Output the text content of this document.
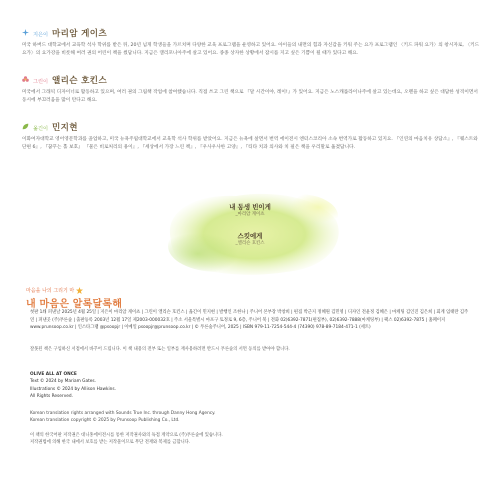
지은이 마리암 게이츠
미국 하버드 대학교에서 교육학 석사 학위를 받은 뒤, 20년 넘게 학생들을 가르치며 다양한 교육 프로그램을 운영하고 있어요. 아이들의 내면의 힘과 자신감을 키워 주는 요가 프로그램인 〈키드 파워 요가〉의 창시자로, 〈키드 요가〉의 요가강을 비롯해 여러 권의 어린이 책을 썼답니다. 지금은 캘리포니아주에 살고 있어요. 종종 상자한 상황에서 잠시를 지고 싶은 기쁨이 될 때가 있다고 해요.
그린이 앨리슨 호킨스
미국에서 그래픽 디자이너로 활동하고 있으며, 여러 권의 그림책 작업에 참여했습니다. 직접 쓰고 그린 책으로 『달 시간이야, 레이!』가 있어요. 지금은 노스캐롤라이나주에 살고 있는데요, 오렌을 하고 싶은 대담한 성격이면서 동시에 부끄러움을 많이 탄다고 해요.
옮긴이 민지현
이화여자대학교 영어영문학과를 졸업하고, 미국 뉴욕주립대학교에서 교육학 석사 학위를 받았어요. 지금은 뉴욕에 살면서 번역 에이전시 엔터스코리아 소속 번역가로 활동하고 있지요. 『인연의 마음치유 상담소』, 『퀘스트와 단편 6』, 『꿈꾸는 홀 보호』 『물은 비로처리의 용이』, 『세상에서 가장 느린 책』, 『우사우사한 고양』, 『티타 치과 의사와 치 필은 책을 우리말로 옮겼답니다.
내 동생 빈이게
_마리암 게이츠
스킷에게
_앨리슨 호킨스
마음을 나의 그리기 마
내 마음은 알록달록해
첫판 1쇄 펴낸날 2025년 4월 25일 | 지은이 마리암 게이츠 | 그린이 앨리슨 호킨스 | 옮긴이 민지현 | 발행인 조한나 | 주니어 본부장 박창희 | 편집 박근지 정혜원 김민영 | 디자인 전윤정 김혜은 | 마케팅 김인진 김은희 | 회계 임태란 김주연 | 펴낸곳 (주)푸른숲 | 출판등록 2003년 12월 17일 제2003-000032호 | 주소 서울특별시 마포구 토정로 9, 6층, 주니어 북 | 전화 02)6392-7871(편집부), 02)6392-7888(마케팅부) | 팩스 02)6392-7875 | 홈페이지 www.prunsoop.co.kr | 인스타그램 @psoopjr | 이메일 psoopjr@prunsoop.co.kr | © 푸른숲주니어, 2025 | ISBN 979-11-7254-544-4 (74390) 978-89-7184-471-1 (세트)
잘못된 책은 구입하신 서점에서 바꾸어 드립니다. 이 책 내용의 전부 또는 일부를 재사용하려면 반드시 푸른숲의 서면 동의를 받아야 합니다.
OLIVE ALL AT ONCE
Text © 2024 by Mariam Gates.
Illustrations © 2024 by Allison Hawkins.
All Rights Reserved.
Korean translation rights arranged with Sounds True Inc. through Danny Hong Agency.
Korean translation copyright © 2025 by Prunsoop Publishing Co., Ltd.
이 책의 한국어판 저작권은 대니홍에이전시를 통한 저작권사와의 독점 계약으로 (주)푸른숲에 있습니다.
저작권법에 의해 한국 내에서 보호를 받는 저작물이므로 무단 전재와 복제를 금합니다.
